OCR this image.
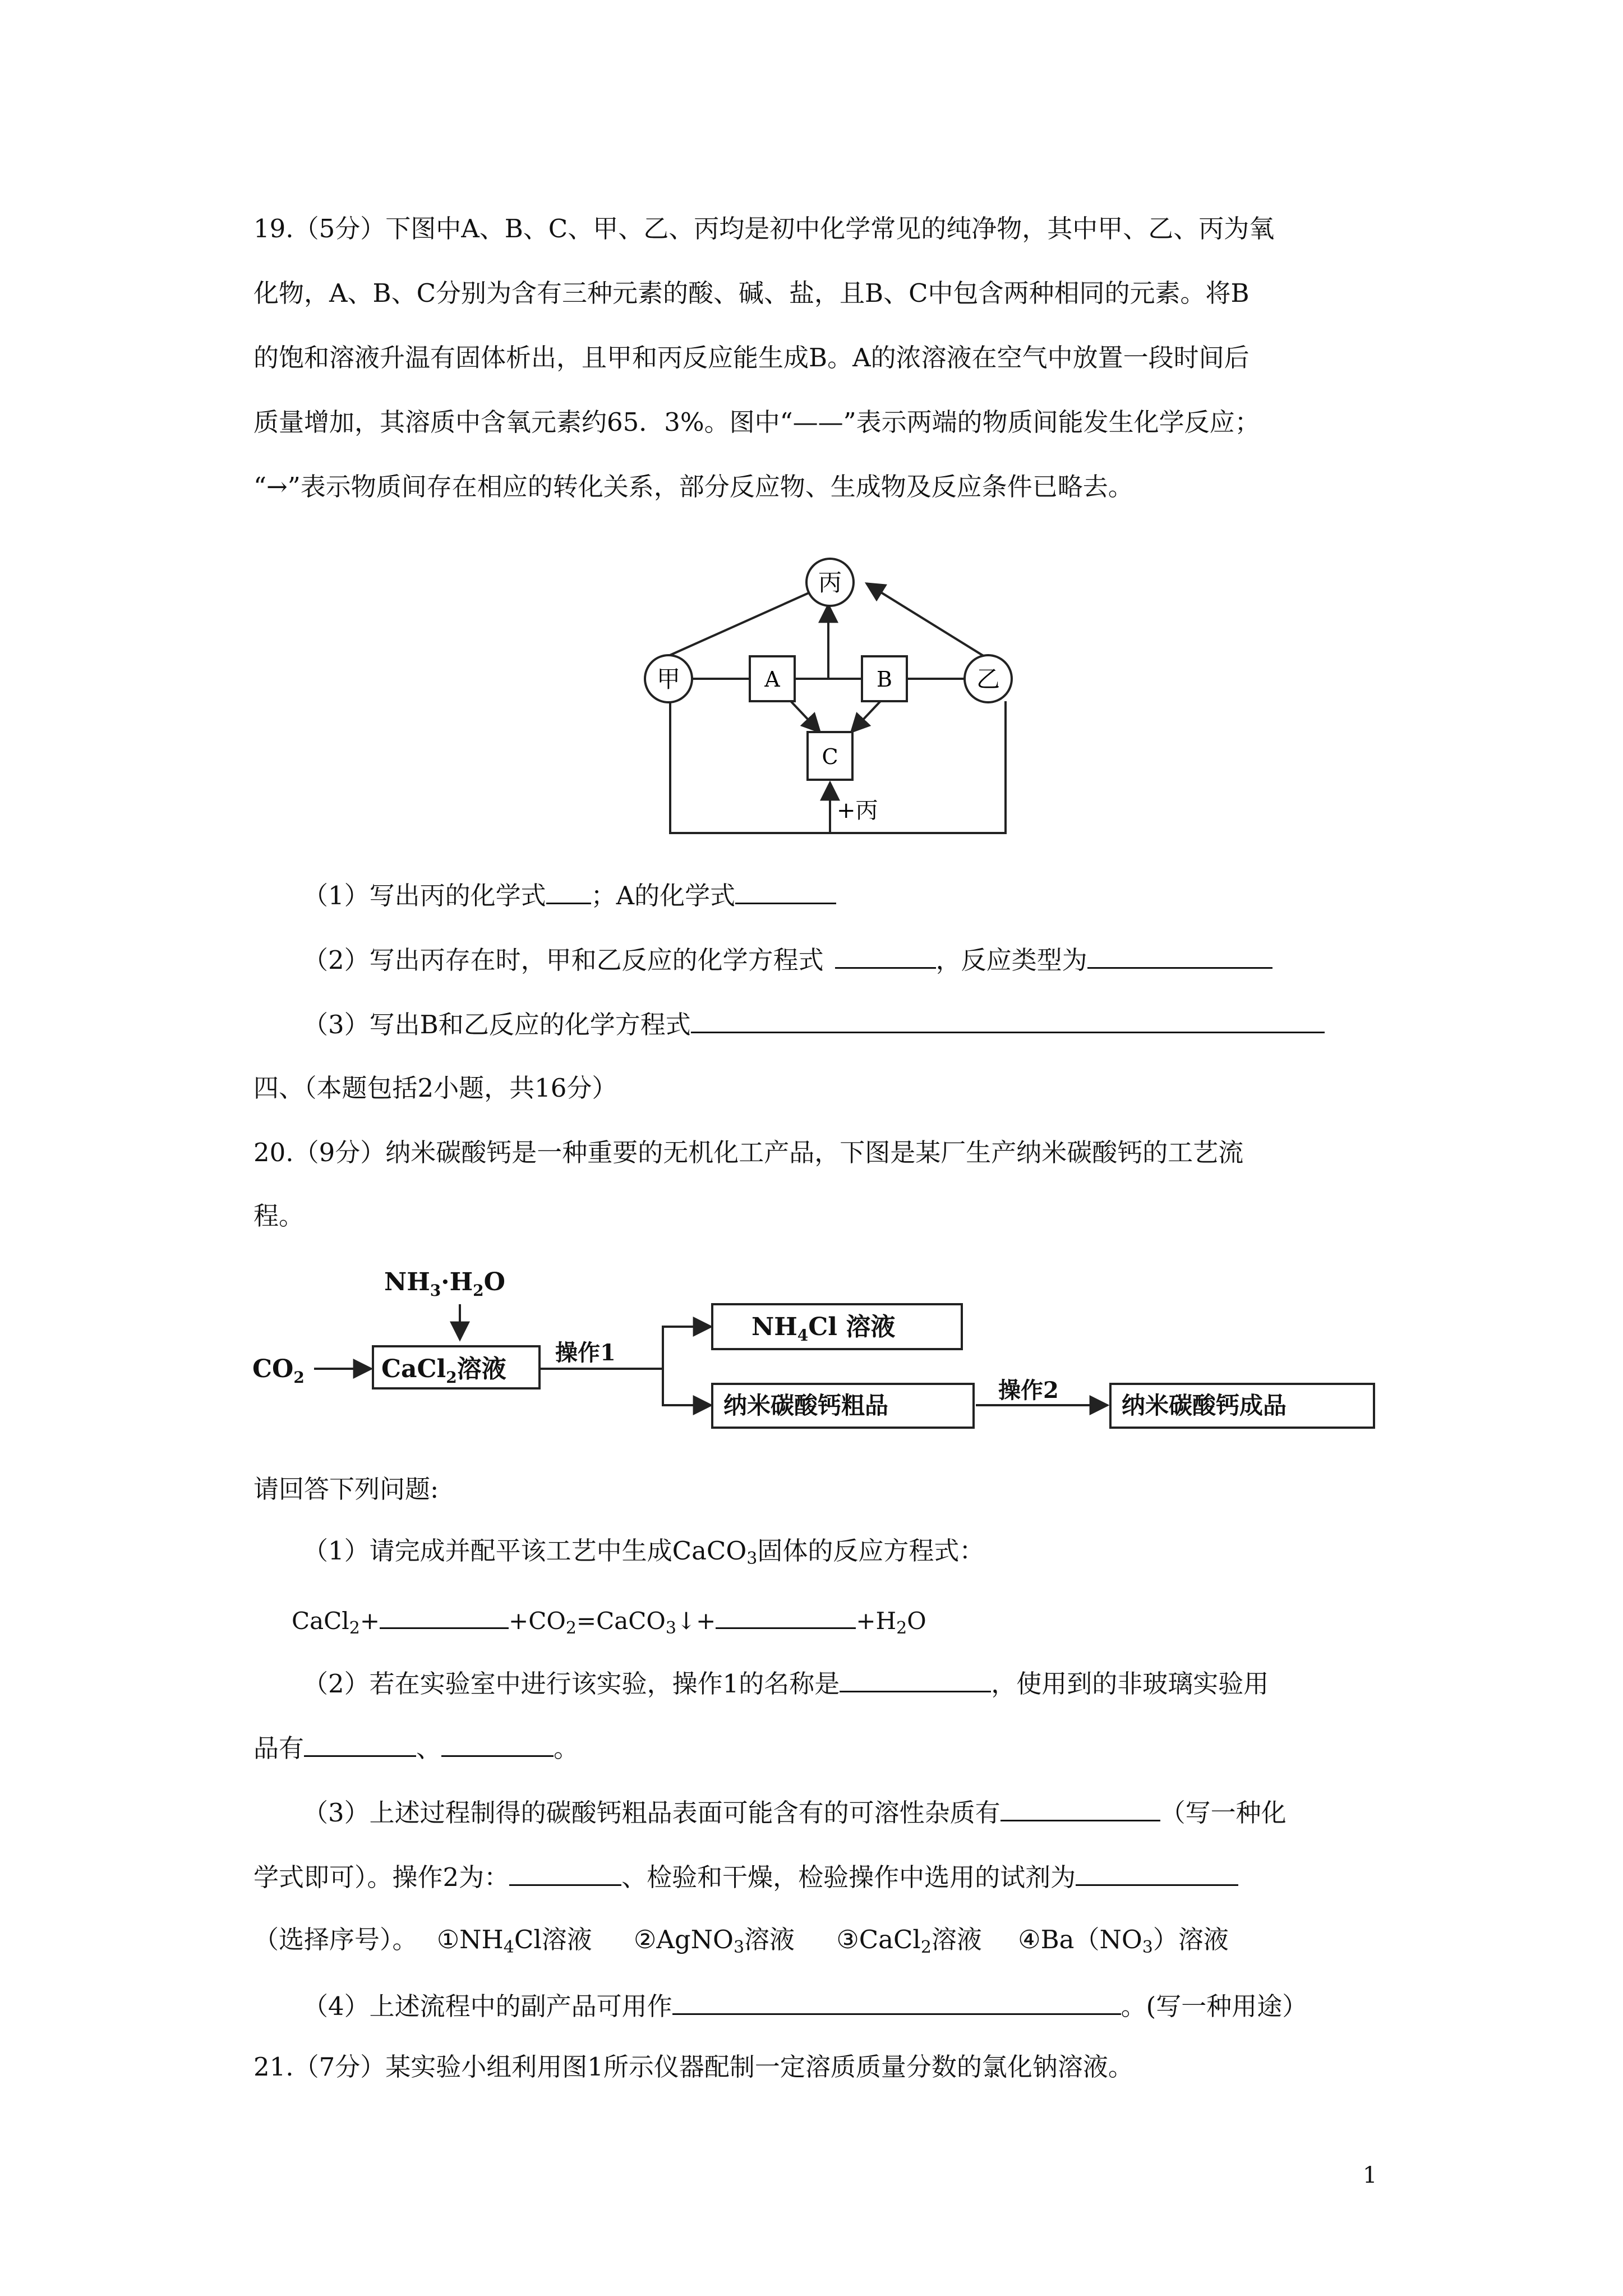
19.（5分）下图中A、B、C、甲、乙、丙均是初中化学常见的纯净物，其中甲、乙、丙为氧

化物，A、B、C分别为含有三种元素的酸、碱、盐，且B、C中包含两种相同的元素。将B

的饱和溶液升温有固体析出，且甲和丙反应能生成B。A的浓溶液在空气中放置一段时间后

质量增加，其溶质中含氧元素约65．3%。图中“——”表示两端的物质间能发生化学反应；

“→”表示物质间存在相应的转化关系，部分反应物、生成物及反应条件已略去。

丙
甲	乙
A	B
C
+丙

（1）写出丙的化学式 ；A的化学式

（2）写出丙存在时，甲和乙反应的化学方程式	，反应类型为

（3）写出B和乙反应的化学方程式

四、（本题包括2小题，共16分）

20.（9分）纳米碳酸钙是一种重要的无机化工产品，下图是某厂生产纳米碳酸钙的工艺流

程。

$NH_3\cdot H_2O$
$CO_2$	CaCl$_2$溶液
操作1
$NH_4Cl$ 溶液
纳米碳酸钙粗品
操作2
纳米碳酸钙成品

请回答下列问题:

（1）请完成并配平该工艺中生成CaCO$_3$固体的反应方程式：

CaCl$_2$+	$+CO_2=CaCO_3↓+$	$+H_2O$

（2）若在实验室中进行该实验，操作1的名称是	，使用到的非玻璃实验用

品有	、	。

（3）上述过程制得的碳酸钙粗品表面可能含有的可溶性杂质有	（写一种化

学式即可）。操作2为：	、检验和干燥，检验操作中选用的试剂为

（选择序号）。 $①NH_4Cl$溶液 ②AgNO$_3$溶液 ③CaCl$_2$溶液 $④Ba(NO_3)$溶液

（4）上述流程中的副产品可用作	。(写一种用途）

21.（7分）某实验小组利用图1所示仪器配制一定溶质质量分数的氯化钠溶液。

1
